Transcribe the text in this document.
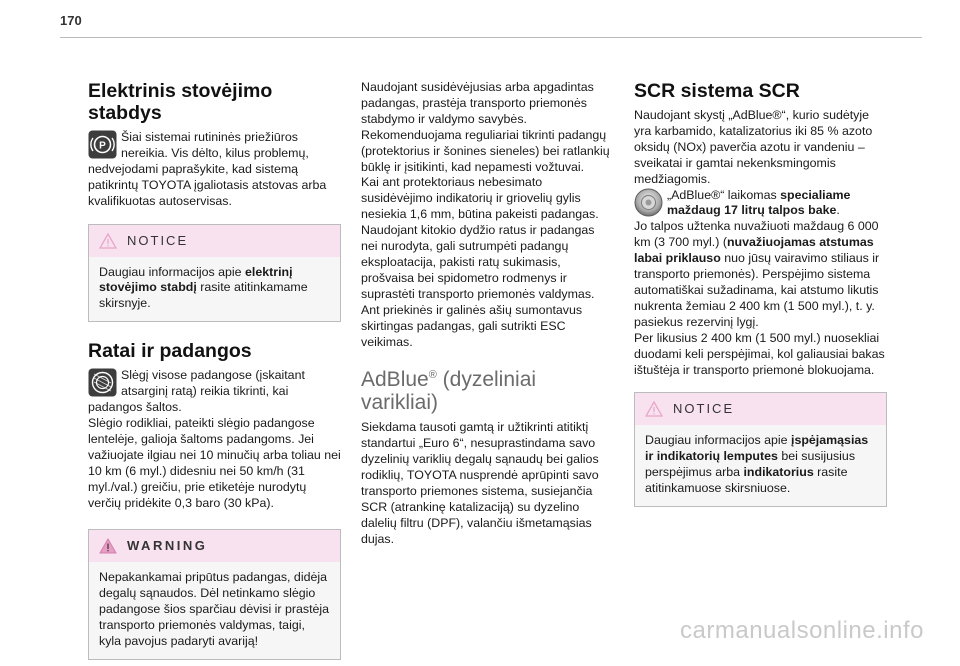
170
Elektrinis stovėjimo stabdys
P

Šiai sistemai rutininės priežiūros nereikia. Vis dėlto, kilus problemų, nedvejodami paprašykite, kad sistemą patikrintų TOYOTA įgaliotasis atstovas arba kvalifikuotas autoservisas.

NOTICE
Daugiau informacijos apie elektrinį stovėjimo stabdį rasite atitinkamame skirsnyje.
Ratai ir padangos

Slėgį visose padangose (įskaitant atsarginį ratą) reikia tikrinti, kai padangos šaltos.

Slėgio rodikliai, pateikti slėgio padangose lentelėje, galioja šaltoms padangoms. Jei važiuojate ilgiau nei 10 minučių arba toliau nei 10 km (6 myl.) didesniu nei 50 km/h (31 myl./val.) greičiu, prie etiketėje nurodytų verčių pridėkite 0,3 baro (30 kPa).

WARNING
Nepakankamai pripūtus padangas, didėja degalų sąnaudos. Dėl netinkamo slėgio padangose šios sparčiau dėvisi ir prastėja transporto priemonės valdymas, taigi, kyla pavojus padaryti avariją!

Naudojant susidėvėjusias arba apgadintas padangas, prastėja transporto priemonės stabdymo ir valdymo savybės. Rekomenduojama reguliariai tikrinti padangų (protektorius ir šonines sieneles) bei ratlankių būklę ir įsitikinti, kad nepamesti vožtuvai.

Kai ant protektoriaus nebesimato susidėvėjimo indikatorių ir griovelių gylis nesiekia 1,6 mm, būtina pakeisti padangas.

Naudojant kitokio dydžio ratus ir padangas nei nurodyta, gali sutrumpėti padangų eksploatacija, pakisti ratų sukimasis, prošvaisa bei spidometro rodmenys ir suprastėti transporto priemonės valdymas.

Ant priekinės ir galinės ašių sumontavus skirtingas padangas, gali sutrikti ESC veikimas.

AdBlue® (dyzeliniai varikliai)

Siekdama tausoti gamtą ir užtikrinti atitiktį standartui „Euro 6“, nesuprastindama savo dyzelinių variklių degalų sąnaudų bei galios rodiklių, TOYOTA nusprendė aprūpinti savo transporto priemones sistema, susiejančia SCR (atrankinę katalizaciją) su dyzelino dalelių filtru (DPF), valančiu išmetamąsias dujas.

SCR sistema SCR

Naudojant skystį „AdBlue®“, kurio sudėtyje yra karbamido, katalizatorius iki 85 % azoto oksidų (NOx) paverčia azotu ir vandeniu – sveikatai ir gamtai nekenksmingomis medžiagomis.

„AdBlue®“ laikomas specialiame maždaug 17 litrų talpos bake.

Jo talpos užtenka nuvažiuoti maždaug 6 000 km (3 700 myl.) (nuvažiuojamas atstumas labai priklauso nuo jūsų vairavimo stiliaus ir transporto priemonės). Perspėjimo sistema automatiškai sužadinama, kai atstumo likutis nukrenta žemiau 2 400 km (1 500 myl.), t. y. pasiekus rezervinį lygį.

Per likusius 2 400 km (1 500 myl.) nuosekliai duodami keli perspėjimai, kol galiausiai bakas ištuštėja ir transporto priemonė blokuojama.

NOTICE
Daugiau informacijos apie įspėjamąsias ir indikatorių lemputes bei susijusius perspėjimus arba indikatorius rasite atitinkamuose skirsniuose.
carmanualsonline.info
